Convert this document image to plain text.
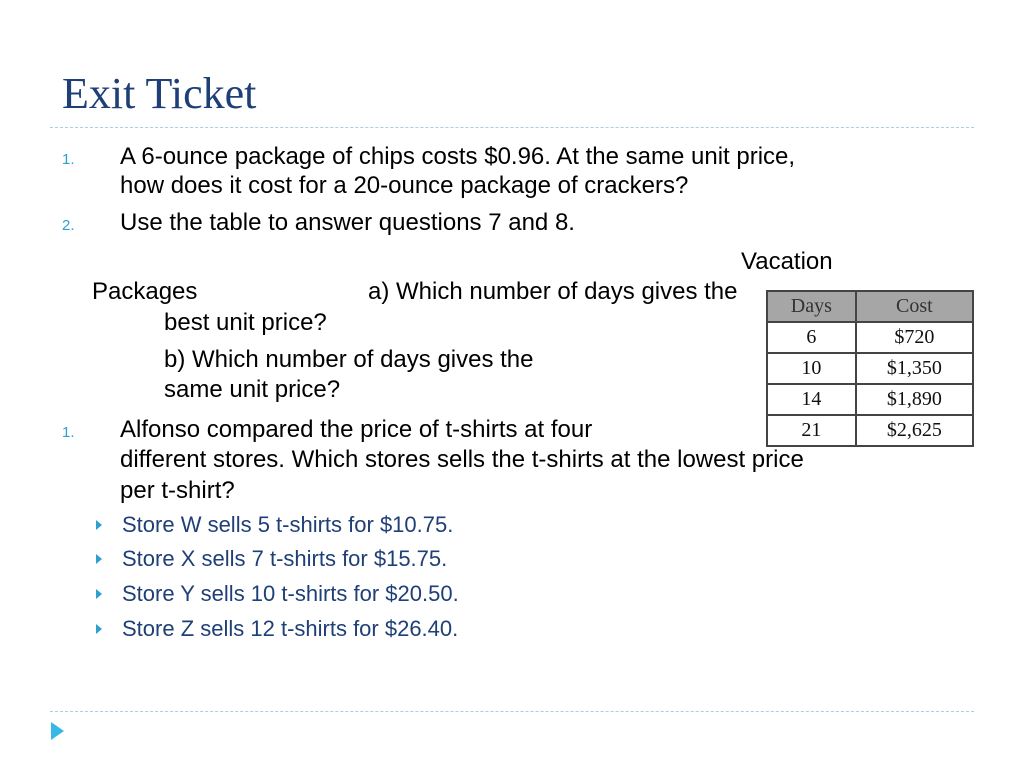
Exit Ticket
1. A 6-ounce package of chips costs $0.96. At the same unit price,
how does it cost for a 20-ounce package of crackers?
2. Use the table to answer questions 7 and 8.
Vacation
Packages	a) Which number of days gives the
best unit price?
b) Which number of days gives the
same unit price?
Days	Cost
6	$720
10	$1,350
14	$1,890
21	$2,625
1. Alfonso compared the price of t-shirts at four
different stores. Which stores sells the t-shirts at the lowest price
per t-shirt?
Store W sells 5 t-shirts for $10.75.
Store X sells 7 t-shirts for $15.75.
Store Y sells 10 t-shirts for $20.50.
Store Z sells 12 t-shirts for $26.40.
